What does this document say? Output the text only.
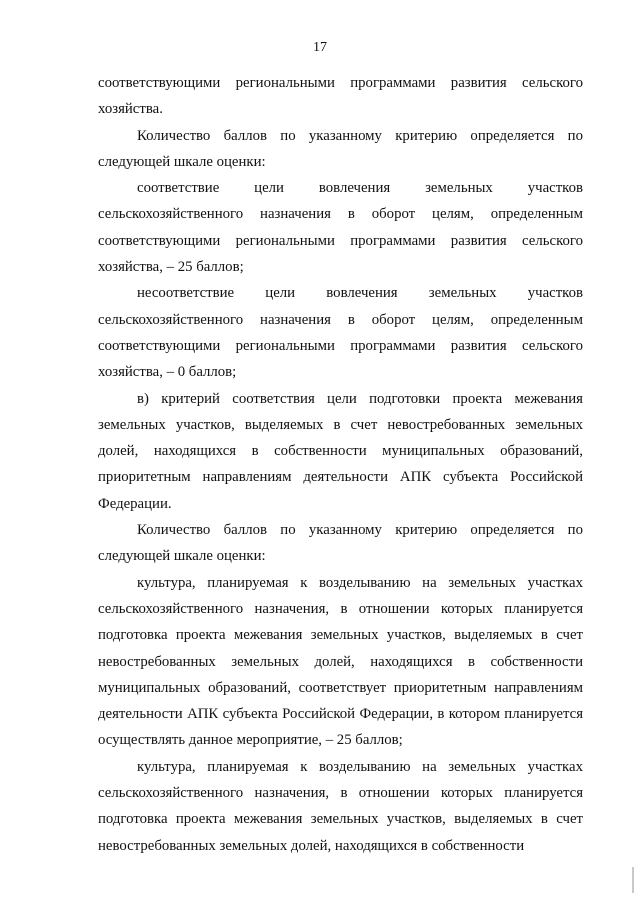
17

соответствующими региональными программами развития сельского хозяйства.

Количество баллов по указанному критерию определяется по следующей шкале оценки:

соответствие цели вовлечения земельных участков сельскохозяйственного назначения в оборот целям, определенным соответствующими региональными программами развития сельского хозяйства, – 25 баллов;

несоответствие цели вовлечения земельных участков сельскохозяйственного назначения в оборот целям, определенным соответствующими региональными программами развития сельского хозяйства, – 0 баллов;

в) критерий соответствия цели подготовки проекта межевания земельных участков, выделяемых в счет невостребованных земельных долей, находящихся в собственности муниципальных образований, приоритетным направлениям деятельности АПК субъекта Российской Федерации.

Количество баллов по указанному критерию определяется по следующей шкале оценки:

культура, планируемая к возделыванию на земельных участках сельскохозяйственного назначения, в отношении которых планируется подготовка проекта межевания земельных участков, выделяемых в счет невостребованных земельных долей, находящихся в собственности муниципальных образований, соответствует приоритетным направлениям деятельности АПК субъекта Российской Федерации, в котором планируется осуществлять данное мероприятие, – 25 баллов;

культура, планируемая к возделыванию на земельных участках сельскохозяйственного назначения, в отношении которых планируется подготовка проекта межевания земельных участков, выделяемых в счет невостребованных земельных долей, находящихся в собственности
